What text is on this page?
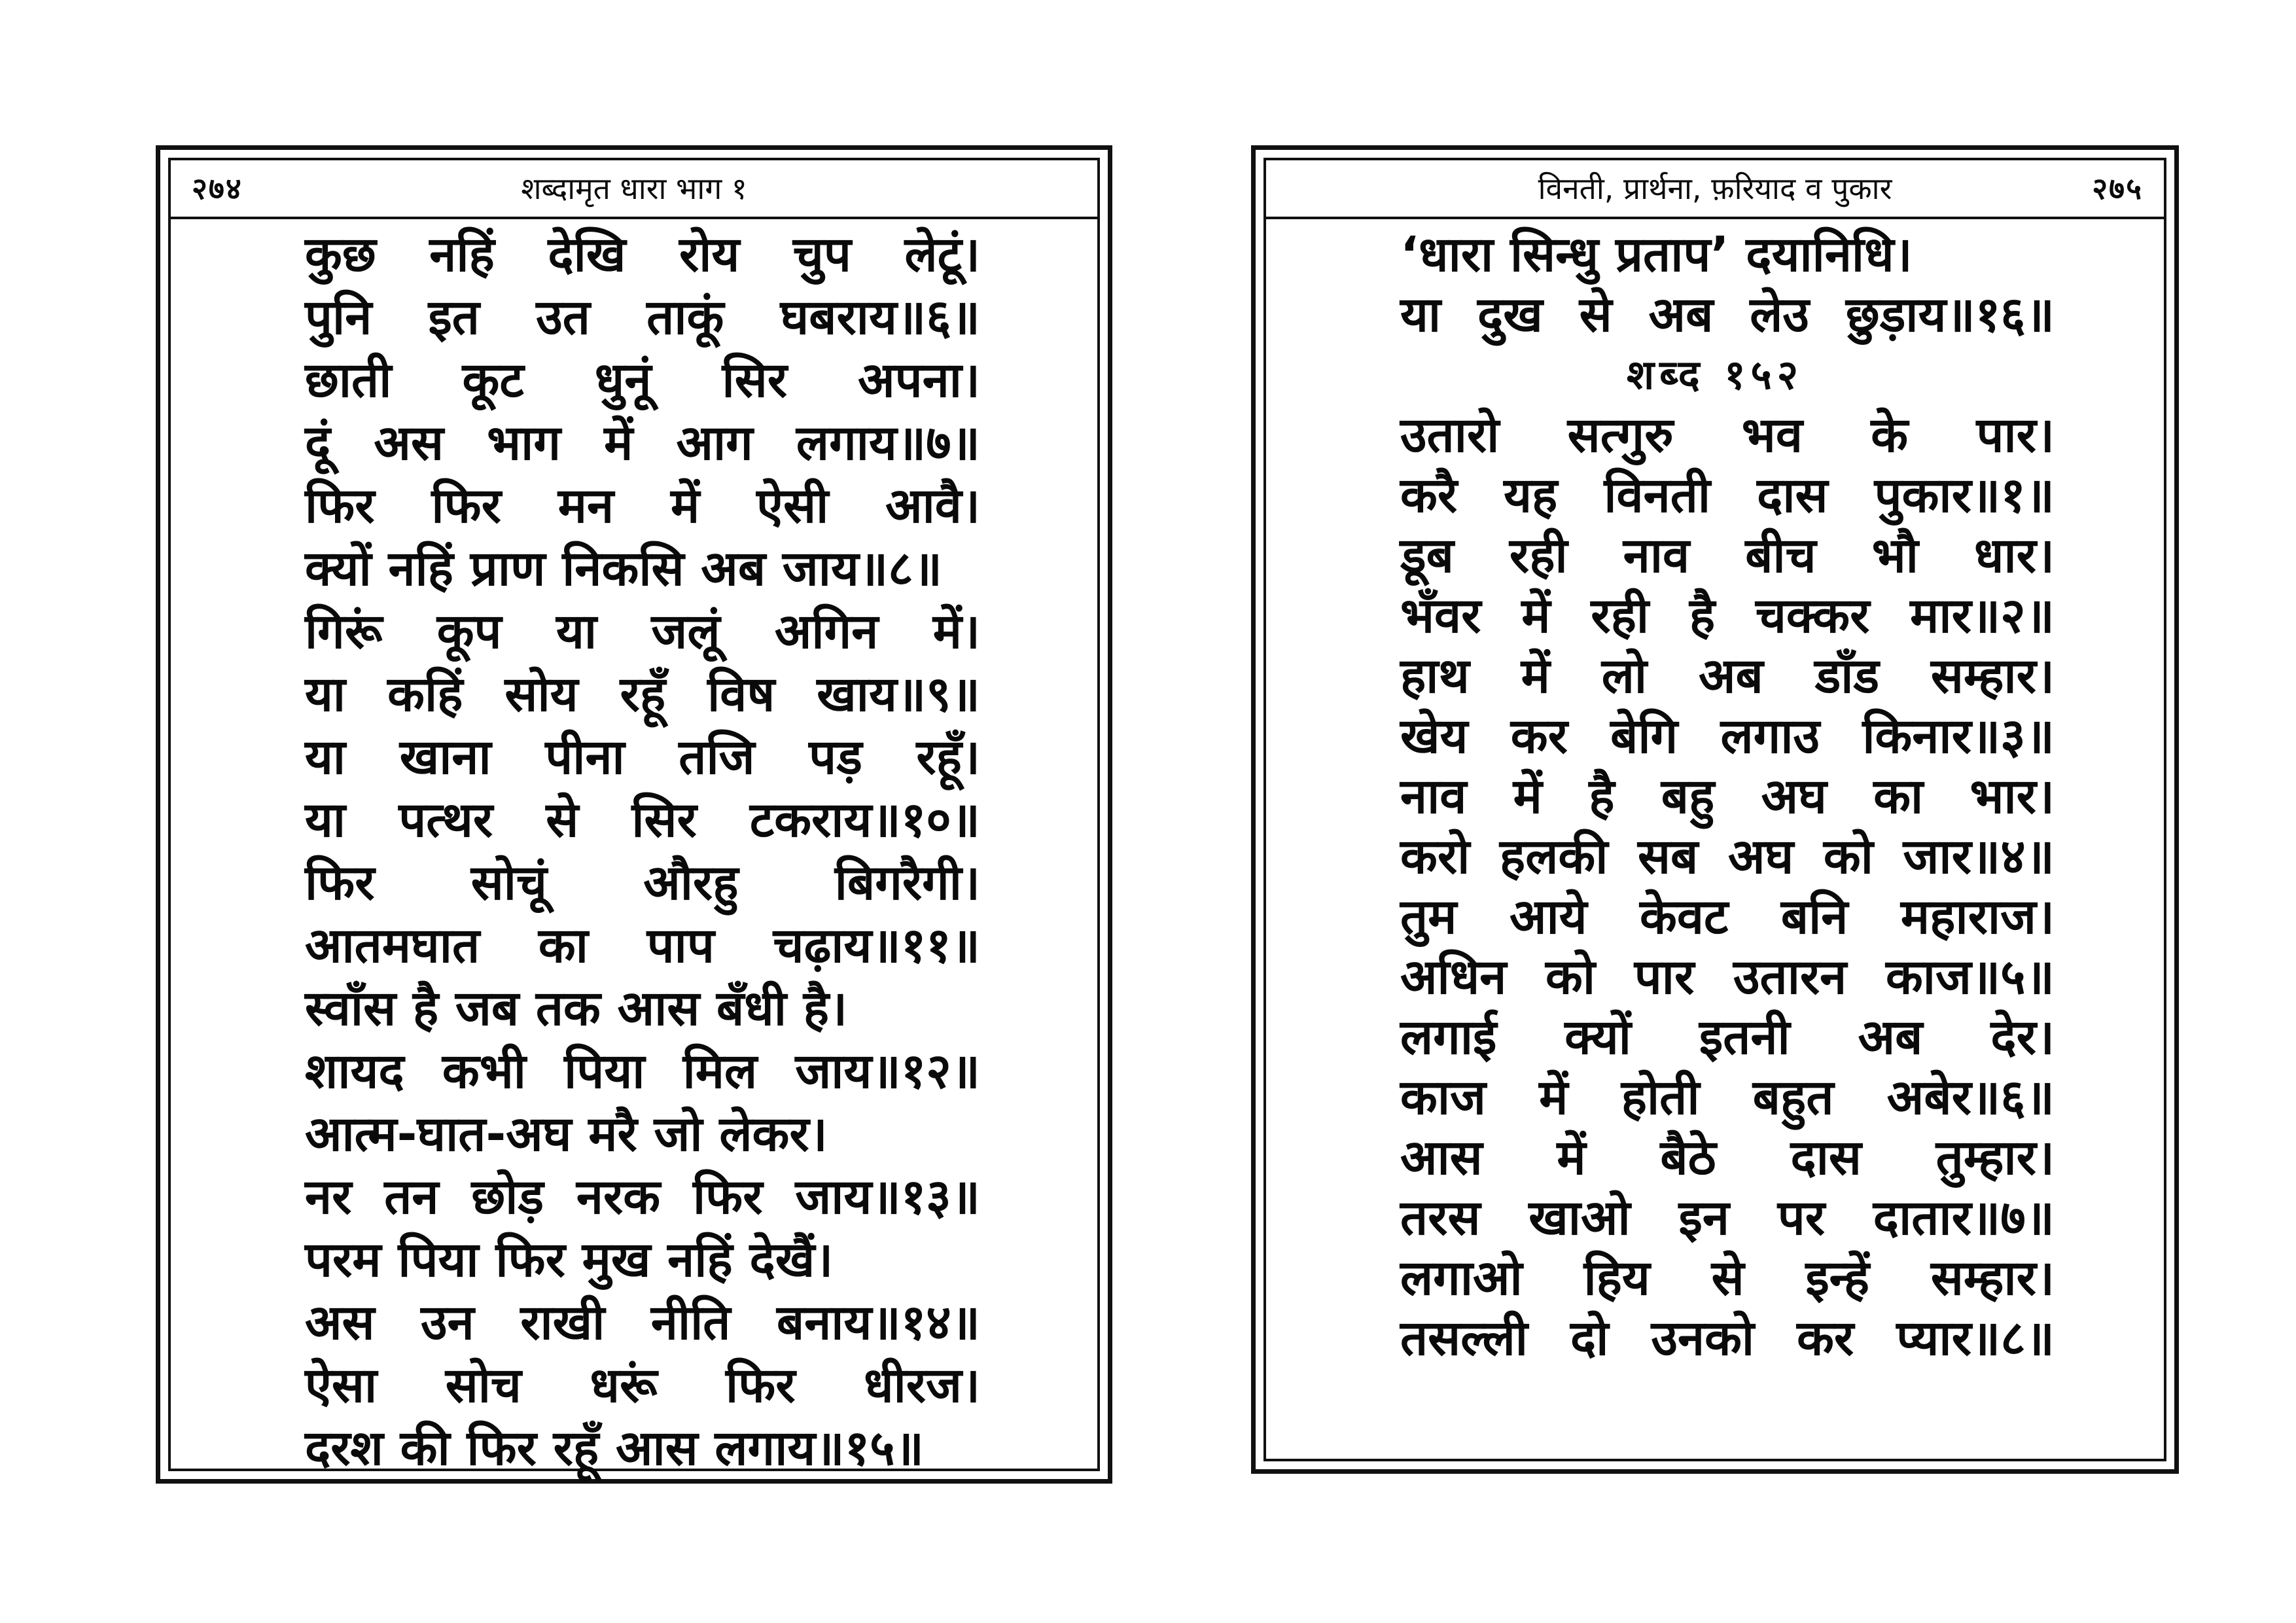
२७४	शब्दामृत धारा भाग १
कुछ नहिं देखि रोय चुप लेटूं।
पुनि इत उत ताकूं घबराय॥६॥
छाती कूट धुनूं सिर अपना।
दूं अस भाग में आग लगाय॥७॥
फिर फिर मन में ऐसी आवै।
क्यों नहिं प्राण निकसि अब जाय॥८॥
गिरूं कूप या जलूं अगिन में।
या कहिं सोय रहूँ विष खाय॥९॥
या खाना पीना तजि पड़ रहूँ।
या पत्थर से सिर टकराय॥१०॥
फिर सोचूं औरहु बिगरैगी।
आतमघात का पाप चढ़ाय॥११॥
स्वाँस है जब तक आस बँधी है।
शायद कभी पिया मिल जाय॥१२॥
आत्म-घात-अघ मरै जो लेकर।
नर तन छोड़ नरक फिर जाय॥१३॥
परम पिया फिर मुख नहिं देखैं।
अस उन राखी नीति बनाय॥१४॥
ऐसा सोच धरूं फिर धीरज।
दरश की फिर रहूँ आस लगाय॥१५॥
विनती, प्रार्थना, फ़रियाद व पुकार	२७५
‘धारा सिन्धु प्रताप’ दयानिधि।
या दुख से अब लेउ छुड़ाय॥१६॥
शब्द १५२
उतारो सत्गुरु भव के पार।
करै यह विनती दास पुकार॥१॥
डूब रही नाव बीच भौ धार।
भँवर में रही है चक्कर मार॥२॥
हाथ में लो अब डाँड सम्हार।
खेय कर बेगि लगाउ किनार॥३॥
नाव में है बहु अघ का भार।
करो हलकी सब अघ को जार॥४॥
तुम आये केवट बनि महाराज।
अधिन को पार उतारन काज॥५॥
लगाई क्यों इतनी अब देर।
काज में होती बहुत अबेर॥६॥
आस में बैठे दास तुम्हार।
तरस खाओ इन पर दातार॥७॥
लगाओ हिय से इन्हें सम्हार।
तसल्ली दो उनको कर प्यार॥८॥
